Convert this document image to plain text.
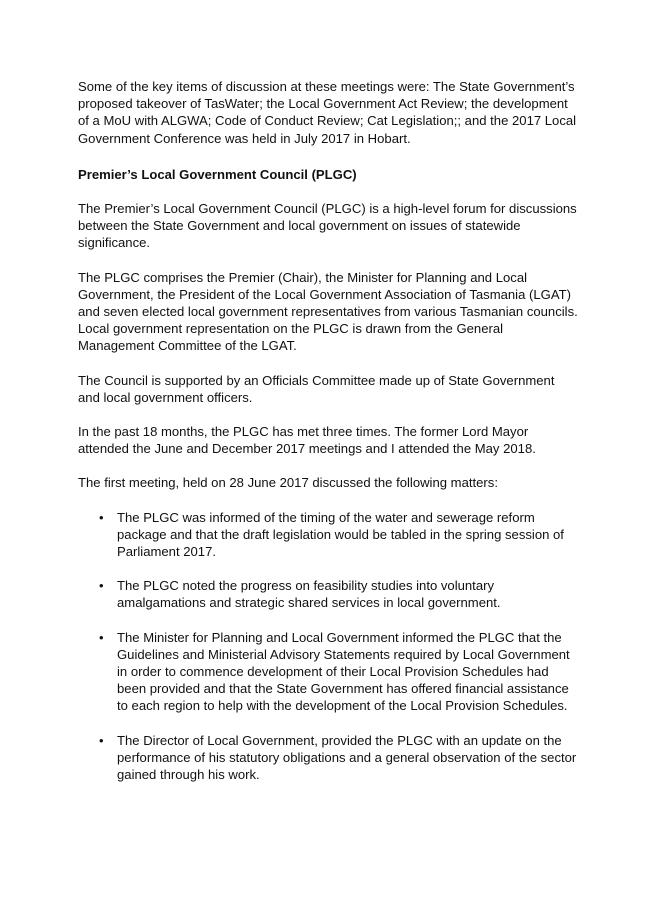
Some of the key items of discussion at these meetings were: The State Government’s proposed takeover of TasWater; the Local Government Act Review; the development of a MoU with ALGWA; Code of Conduct Review; Cat Legislation;; and the 2017 Local Government Conference was held in July 2017 in Hobart.

Premier’s Local Government Council (PLGC)

The Premier’s Local Government Council (PLGC) is a high-level forum for discussions between the State Government and local government on issues of statewide significance.

The PLGC comprises the Premier (Chair), the Minister for Planning and Local Government, the President of the Local Government Association of Tasmania (LGAT) and seven elected local government representatives from various Tasmanian councils. Local government representation on the PLGC is drawn from the General Management Committee of the LGAT.

The Council is supported by an Officials Committee made up of State Government and local government officers.

In the past 18 months, the PLGC has met three times. The former Lord Mayor attended the June and December 2017 meetings and I attended the May 2018.

The first meeting, held on 28 June 2017 discussed the following matters:

• The PLGC was informed of the timing of the water and sewerage reform package and that the draft legislation would be tabled in the spring session of Parliament 2017.
• The PLGC noted the progress on feasibility studies into voluntary amalgamations and strategic shared services in local government.
• The Minister for Planning and Local Government informed the PLGC that the Guidelines and Ministerial Advisory Statements required by Local Government in order to commence development of their Local Provision Schedules had been provided and that the State Government has offered financial assistance to each region to help with the development of the Local Provision Schedules.
• The Director of Local Government, provided the PLGC with an update on the performance of his statutory obligations and a general observation of the sector gained through his work.
